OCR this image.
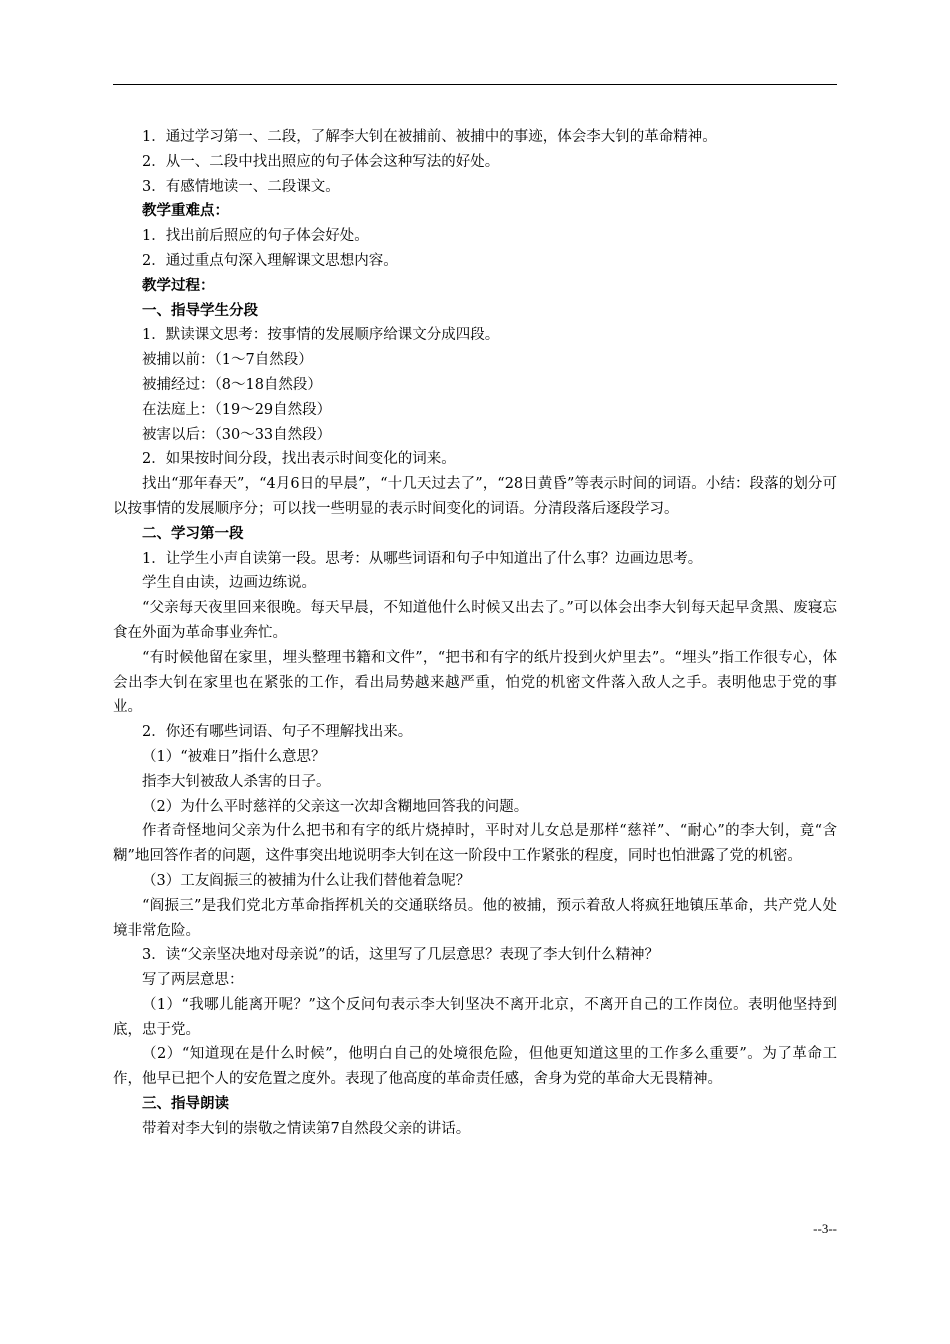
1．通过学习第一、二段，了解李大钊在被捕前、被捕中的事迹，体会李大钊的革命精神。

2．从一、二段中找出照应的句子体会这种写法的好处。

3．有感情地读一、二段课文。

教学重难点：

1．找出前后照应的句子体会好处。

2．通过重点句深入理解课文思想内容。

教学过程：

一、指导学生分段

1．默读课文思考：按事情的发展顺序给课文分成四段。

被捕以前：（1～7自然段）

被捕经过：（8～18自然段）

在法庭上：（19～29自然段）

被害以后：（30～33自然段）

2．如果按时间分段，找出表示时间变化的词来。

找出“那年春天”，“4月6日的早晨”，“十几天过去了”，“28日黄昏”等表示时间的词语。小结：段落的划分可以按事情的发展顺序分；可以找一些明显的表示时间变化的词语。分清段落后逐段学习。

二、学习第一段

1．让学生小声自读第一段。思考：从哪些词语和句子中知道出了什么事？边画边思考。

学生自由读，边画边练说。

“父亲每天夜里回来很晚。每天早晨，不知道他什么时候又出去了。”可以体会出李大钊每天起早贪黑、废寝忘食在外面为革命事业奔忙。

“有时候他留在家里，埋头整理书籍和文件”，“把书和有字的纸片投到火炉里去”。“埋头”指工作很专心，体会出李大钊在家里也在紧张的工作，看出局势越来越严重，怕党的机密文件落入敌人之手。表明他忠于党的事业。

2．你还有哪些词语、句子不理解找出来。

（1）“被难日”指什么意思？

指李大钊被敌人杀害的日子。

（2）为什么平时慈祥的父亲这一次却含糊地回答我的问题。

作者奇怪地问父亲为什么把书和有字的纸片烧掉时，平时对儿女总是那样“慈祥”、“耐心”的李大钊，竟“含糊”地回答作者的问题，这件事突出地说明李大钊在这一阶段中工作紧张的程度，同时也怕泄露了党的机密。

（3）工友阎振三的被捕为什么让我们替他着急呢？

“阎振三”是我们党北方革命指挥机关的交通联络员。他的被捕，预示着敌人将疯狂地镇压革命，共产党人处境非常危险。

3．读“父亲坚决地对母亲说”的话，这里写了几层意思？表现了李大钊什么精神？

写了两层意思：

（1）“我哪儿能离开呢？”这个反问句表示李大钊坚决不离开北京，不离开自己的工作岗位。表明他坚持到底，忠于党。

（2）“知道现在是什么时候”，他明白自己的处境很危险，但他更知道这里的工作多么重要”。为了革命工作，他早已把个人的安危置之度外。表现了他高度的革命责任感，舍身为党的革命大无畏精神。

三、指导朗读

带着对李大钊的崇敬之情读第7自然段父亲的讲话。

--3--
